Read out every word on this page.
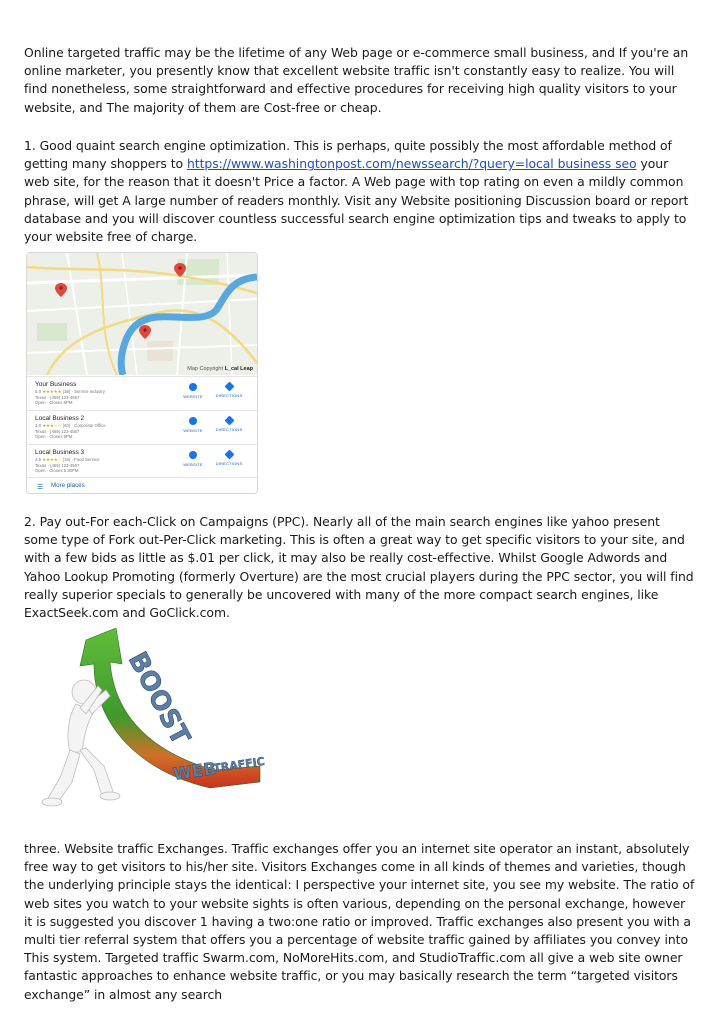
Online targeted traffic may be the lifetime of any Web page or e-commerce small business, and If you're an online marketer, you presently know that excellent website traffic isn't constantly easy to realize. You will find nonetheless, some straightforward and effective procedures for receiving high quality visitors to your website, and The majority of them are Cost-free or cheap.

1. Good quaint search engine optimization. This is perhaps, quite possibly the most affordable method of getting many shoppers to https://www.washingtonpost.com/newssearch/?query=local business seo your web site, for the reason that it doesn't Price a factor. A Web page with top rating on even a mildly common phrase, will get A large number of readers monthly. Visit any Website positioning Discussion board or report database and you will discover countless successful search engine optimization tips and tweaks to apply to your website free of charge.

Map Copyright L_cal Leap
Your Business
5.0 ★★★★★ (35) · Service Industry
Texas · (469) 123-4567
Open · Closes 6PM
WEBSITE	DIRECTIONS
Local Business 2
3.0 ★★★☆☆ (60) · Corporate Office
Texas · (469) 123-4567
Open · Closes 6PM
WEBSITE	DIRECTIONS
Local Business 3
4.5 ★★★★☆ (18) · Food Service
Texas · (469) 123-4567
Open · Closes 5:30PM
WEBSITE	DIRECTIONS
☰ More places

2. Pay out-For each-Click on Campaigns (PPC). Nearly all of the main search engines like yahoo present some type of Fork out-Per-Click marketing. This is often a great way to get specific visitors to your site, and with a few bids as little as $.01 per click, it may also be really cost-effective. Whilst Google Adwords and Yahoo Lookup Promoting (formerly Overture) are the most crucial players during the PPC sector, you will find really superior specials to generally be uncovered with many of the more compact search engines, like ExactSeek.com and GoClick.com.

BOOST
WEB
TRAFFIC

three. Website traffic Exchanges. Traffic exchanges offer you an internet site operator an instant, absolutely free way to get visitors to his/her site. Visitors Exchanges come in all kinds of themes and varieties, though the underlying principle stays the identical: I perspective your internet site, you see my website. The ratio of web sites you watch to your website sights is often various, depending on the personal exchange, however it is suggested you discover 1 having a two:one ratio or improved. Traffic exchanges also present you with a multi tier referral system that offers you a percentage of website traffic gained by affiliates you convey into This system. Targeted traffic Swarm.com, NoMoreHits.com, and StudioTraffic.com all give a web site owner fantastic approaches to enhance website traffic, or you may basically research the term “targeted visitors exchange” in almost any search
